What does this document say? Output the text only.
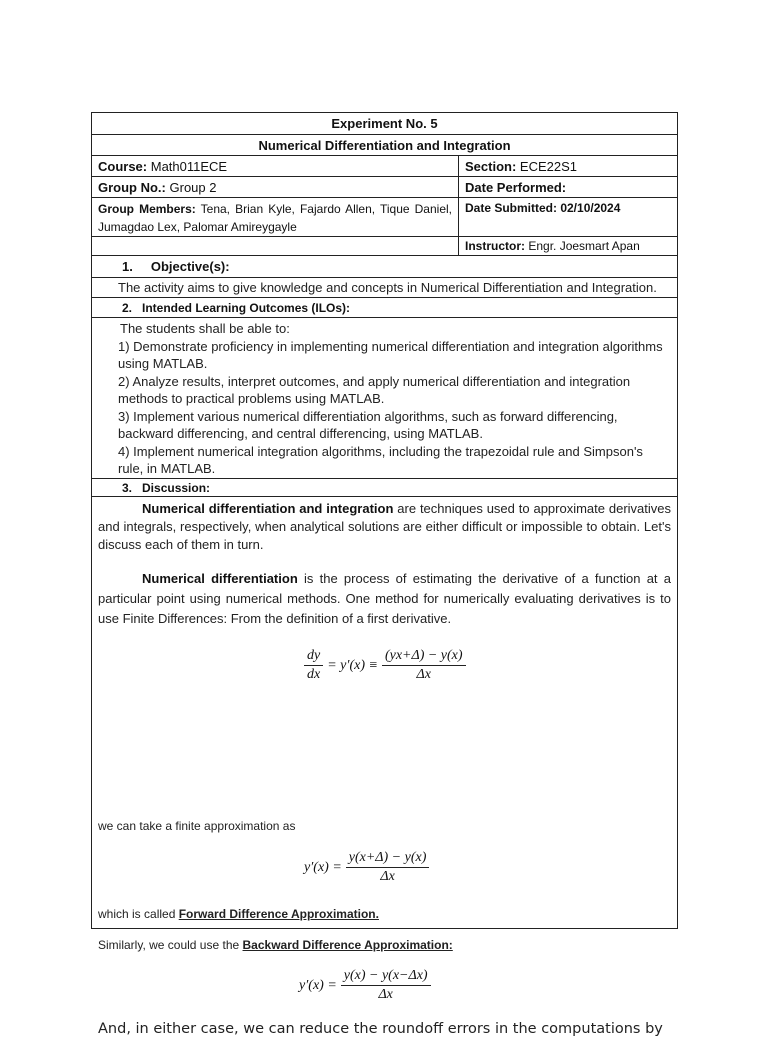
Experiment No. 5
Numerical Differentiation and Integration
Course:
Math011ECE	Section:
ECE22S1
Group No.:
Group 2	Date Performed:
Group Members: Tena, Brian Kyle, Fajardo Allen, Tique Daniel, Jumagdao Lex, Palomar Amireygayle
Date Submitted: 02/10/2024
Instructor:
Engr. Joesmart Apan
1. Objective(s):
The activity aims to give knowledge and concepts in Numerical Differentiation and Integration.
2. Intended Learning Outcomes (ILOs):
The students shall be able to:
1) Demonstrate proficiency in implementing numerical differentiation and integration algorithms using MATLAB.
2) Analyze results, interpret outcomes, and apply numerical differentiation and integration methods to practical problems using MATLAB.
3) Implement various numerical differentiation algorithms, such as forward differencing, backward differencing, and central differencing, using MATLAB.
4) Implement numerical integration algorithms, including the trapezoidal rule and Simpson's rule, in MATLAB.
3. Discussion:
Numerical differentiation and integration are techniques used to approximate derivatives and integrals, respectively, when analytical solutions are either difficult or impossible to obtain. Let's discuss each of them in turn.
Numerical differentiation is the process of estimating the derivative of a function at a particular point using numerical methods. One method for numerically evaluating derivatives is to use Finite Differences: From the definition of a first derivative.
$\frac{dy}{dx} = y'(x) \equiv \frac{(yx+\Delta) - y(x)}{\Delta x}$
we can take a finite approximation as
$y'(x) = \frac{y(x+\Delta) - y(x)}{\Delta x}$
which is called Forward Difference Approximation.
Similarly, we could use the Backward Difference Approximation:
$y'(x) = \frac{y(x) - y(x-\Delta x)}{\Delta x}$
And, in either case, we can reduce the roundoff errors in the computations by
